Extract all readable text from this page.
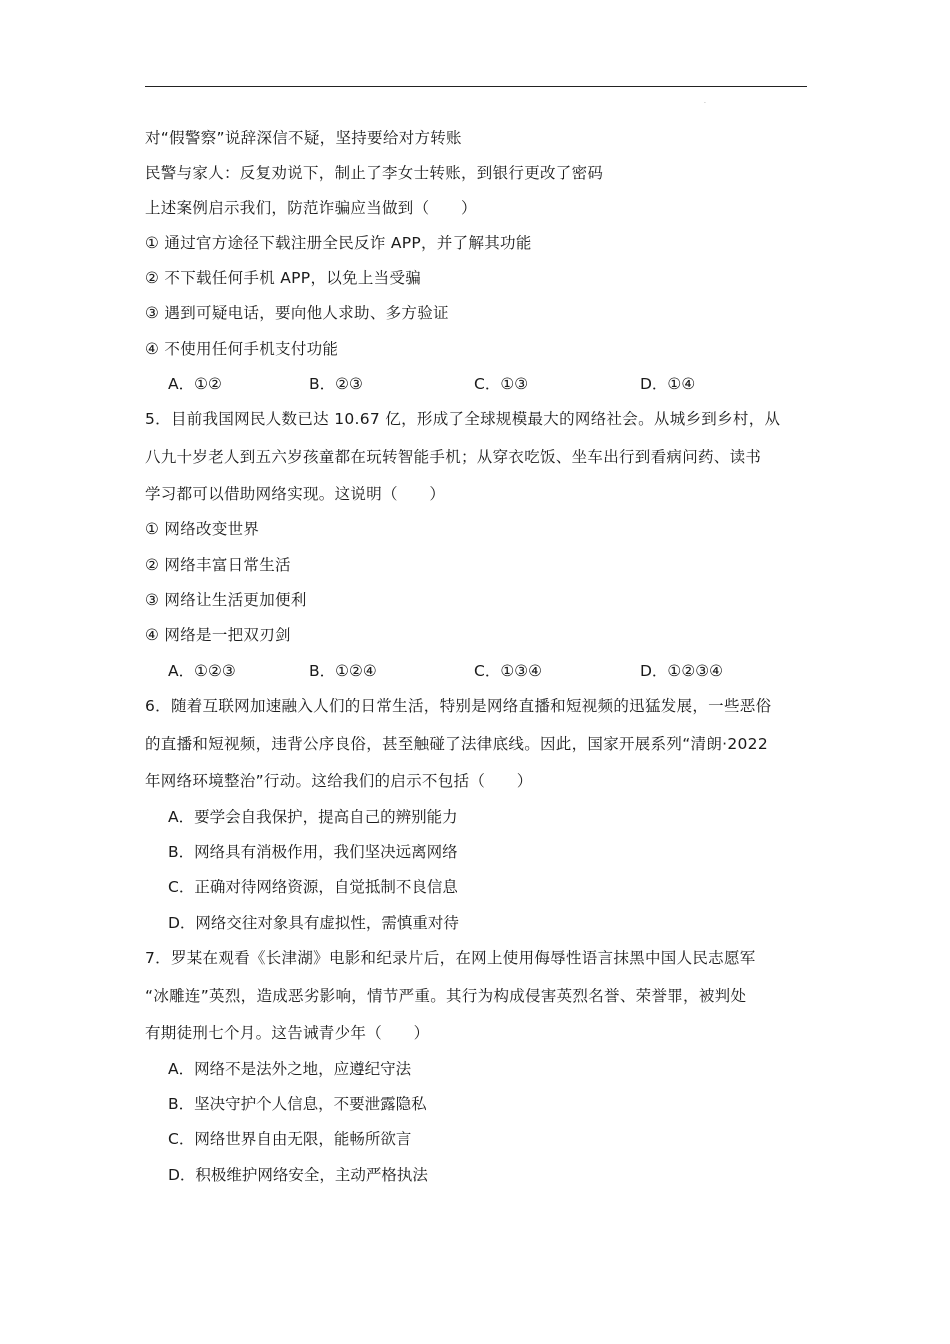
.
对“假警察”说辞深信不疑，坚持要给对方转账
民警与家人：反复劝说下，制止了李女士转账，到银行更改了密码
上述案例启示我们，防范诈骗应当做到（　　）
① 通过官方途径下载注册全民反诈 APP，并了解其功能
② 不下载任何手机 APP，以免上当受骗
③ 遇到可疑电话，要向他人求助、多方验证
④ 不使用任何手机支付功能
A．①②	B．②③	C．①③	D．①④
5．目前我国网民人数已达 10.67 亿，形成了全球规模最大的网络社会。从城乡到乡村，从
八九十岁老人到五六岁孩童都在玩转智能手机；从穿衣吃饭、坐车出行到看病问药、读书
学习都可以借助网络实现。这说明（　　）
① 网络改变世界
② 网络丰富日常生活
③ 网络让生活更加便利
④ 网络是一把双刃剑
A．①②③	B．①②④	C．①③④	D．①②③④
6．随着互联网加速融入人们的日常生活，特别是网络直播和短视频的迅猛发展，一些恶俗
的直播和短视频，违背公序良俗，甚至触碰了法律底线。因此，国家开展系列“清朗·2022
年网络环境整治”行动。这给我们的启示不包括（　　）
A．要学会自我保护，提高自己的辨别能力
B．网络具有消极作用，我们坚决远离网络
C．正确对待网络资源，自觉抵制不良信息
D．网络交往对象具有虚拟性，需慎重对待
7．罗某在观看《长津湖》电影和纪录片后，在网上使用侮辱性语言抹黑中国人民志愿军
“冰雕连”英烈，造成恶劣影响，情节严重。其行为构成侵害英烈名誉、荣誉罪，被判处
有期徒刑七个月。这告诫青少年（　　）
A．网络不是法外之地，应遵纪守法
B．坚决守护个人信息，不要泄露隐私
C．网络世界自由无限，能畅所欲言
D．积极维护网络安全，主动严格执法
